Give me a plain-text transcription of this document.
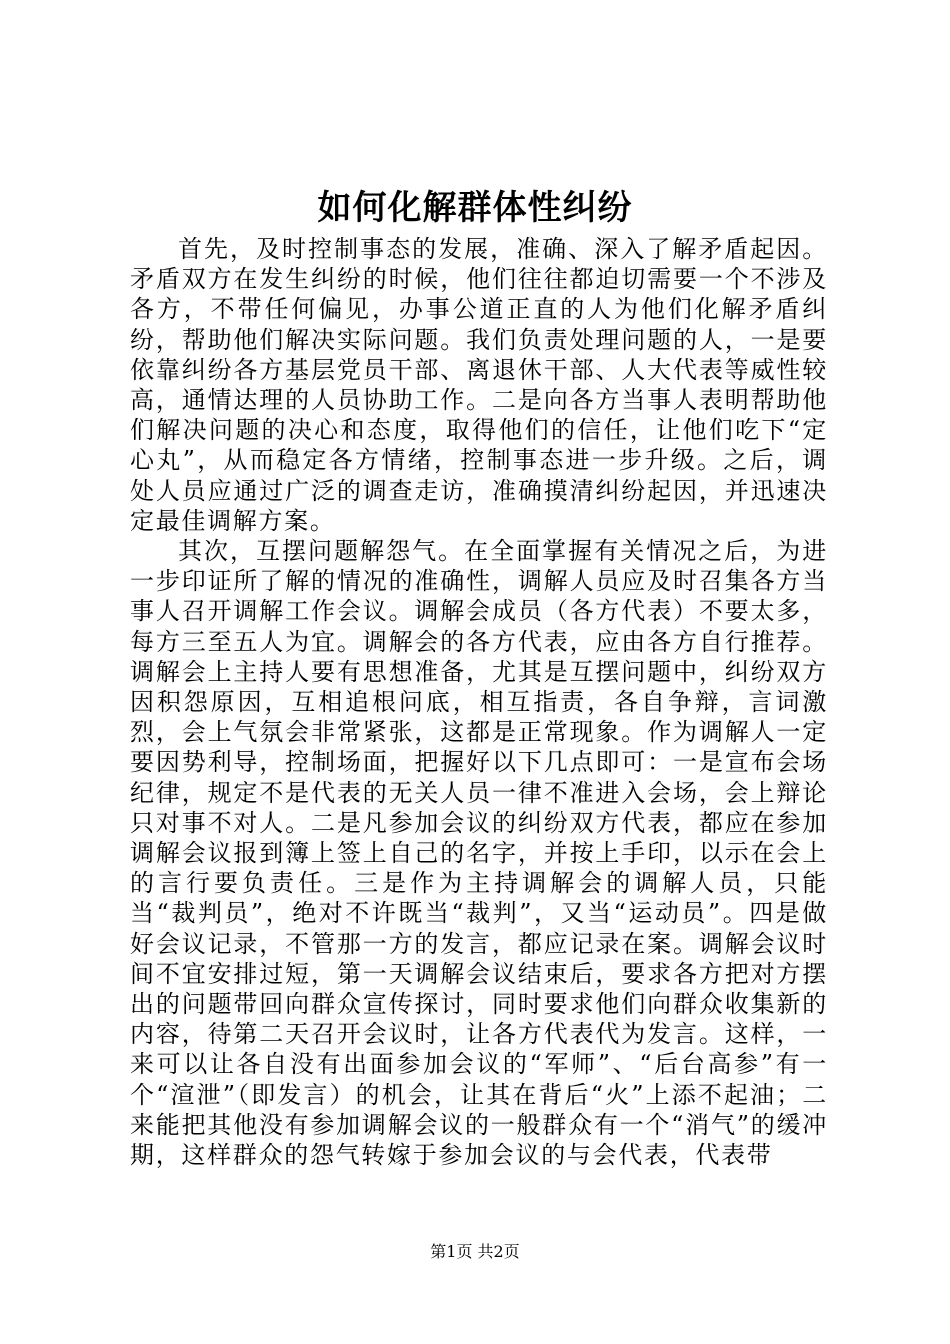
如何化解群体性纠纷

首先，及时控制事态的发展，准确、深入了解矛盾起因。矛盾双方在发生纠纷的时候，他们往往都迫切需要一个不涉及各方，不带任何偏见，办事公道正直的人为他们化解矛盾纠纷，帮助他们解决实际问题。我们负责处理问题的人，一是要依靠纠纷各方基层党员干部、离退休干部、人大代表等威性较高，通情达理的人员协助工作。二是向各方当事人表明帮助他们解决问题的决心和态度，取得他们的信任，让他们吃下“定心丸”，从而稳定各方情绪，控制事态进一步升级。之后，调处人员应通过广泛的调查走访，准确摸清纠纷起因，并迅速决定最佳调解方案。

其次，互摆问题解怨气。在全面掌握有关情况之后，为进一步印证所了解的情况的准确性，调解人员应及时召集各方当事人召开调解工作会议。调解会成员（各方代表）不要太多，每方三至五人为宜。调解会的各方代表，应由各方自行推荐。调解会上主持人要有思想准备，尤其是互摆问题中，纠纷双方因积怨原因，互相追根问底，相互指责，各自争辩，言词激烈，会上气氛会非常紧张，这都是正常现象。作为调解人一定要因势利导，控制场面，把握好以下几点即可：一是宣布会场纪律，规定不是代表的无关人员一律不准进入会场，会上辩论只对事不对人。二是凡参加会议的纠纷双方代表，都应在参加调解会议报到簿上签上自己的名字，并按上手印，以示在会上的言行要负责任。三是作为主持调解会的调解人员，只能当“裁判员”，绝对不许既当“裁判”，又当“运动员”。四是做好会议记录，不管那一方的发言，都应记录在案。调解会议时间不宜安排过短，第一天调解会议结束后，要求各方把对方摆出的问题带回向群众宣传探讨，同时要求他们向群众收集新的内容，待第二天召开会议时，让各方代表代为发言。这样，一来可以让各自没有出面参加会议的“军师”、“后台高参”有一个“渲泄”（即发言）的机会，让其在背后“火”上添不起油；二来能把其他没有参加调解会议的一般群众有一个“消气”的缓冲期，这样群众的怨气转嫁于参加会议的与会代表，代表带

第1页 共2页
